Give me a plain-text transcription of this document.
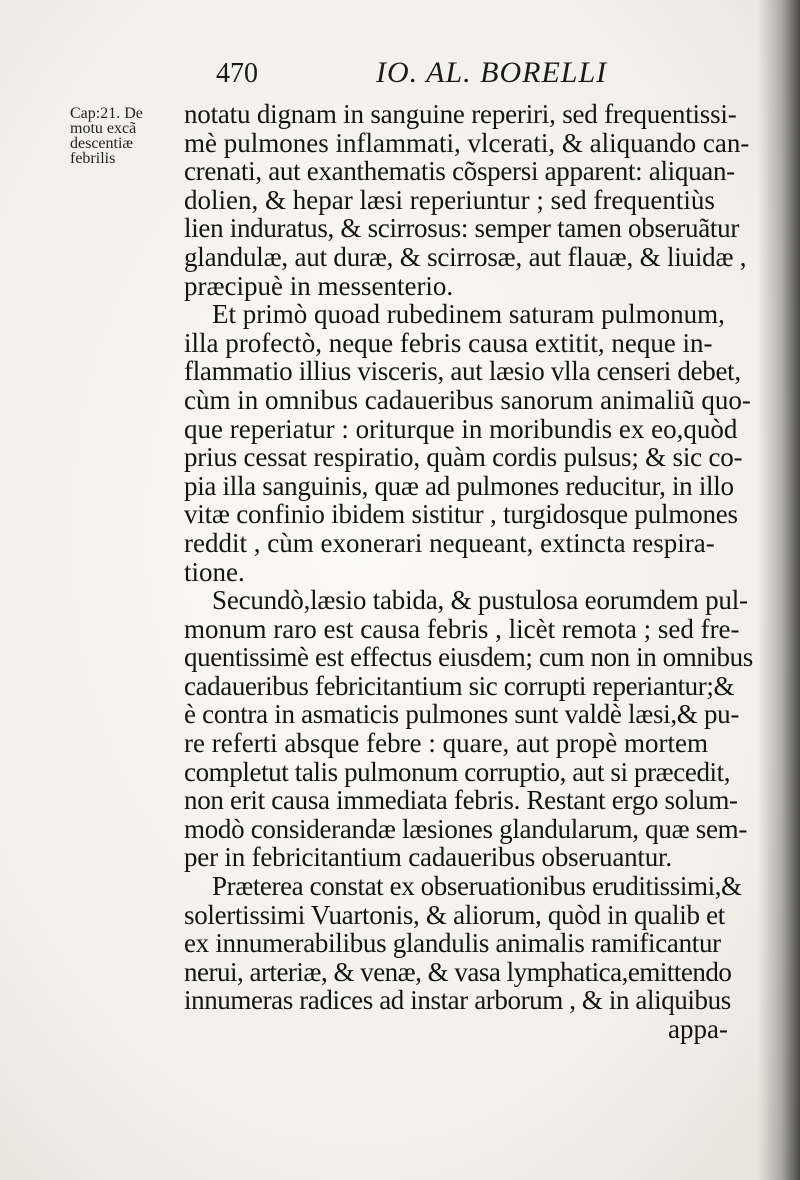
470	IO. AL. BORELLI
Cap:21. De
motu excã
descentiæ
febrilis
notatu dignam in sanguine reperiri, sed frequentissi-
mè pulmones inflammati, vlcerati, & aliquando can-
crenati, aut exanthematis cõspersi apparent: aliquan-
dolien, & hepar læsi reperiuntur ; sed frequentiùs
lien induratus, & scirrosus: semper tamen obseruãtur
glandulæ, aut duræ, & scirrosæ, aut flauæ, & liuidæ ,
præcipuè in messenterio.
Et primò quoad rubedinem saturam pulmonum,
illa profectò, neque febris causa extitit, neque in-
flammatio illius visceris, aut læsio vlla censeri debet,
cùm in omnibus cadaueribus sanorum animaliũ quo-
que reperiatur : oriturque in moribundis ex eo,quòd
prius cessat respiratio, quàm cordis pulsus; & sic co-
pia illa sanguinis, quæ ad pulmones reducitur, in illo
vitæ confinio ibidem sistitur , turgidosque pulmones
reddit , cùm exonerari nequeant, extincta respira-
tione.
Secundò,læsio tabida, & pustulosa eorumdem pul-
monum raro est causa febris , licèt remota ; sed fre-
quentissimè est effectus eiusdem; cum non in omnibus
cadaueribus febricitantium sic corrupti reperiantur;&
è contra in asmaticis pulmones sunt valdè læsi,& pu-
re referti absque febre : quare, aut propè mortem
completut talis pulmonum corruptio, aut si præcedit,
non erit causa immediata febris. Restant ergo solum-
modò considerandæ læsiones glandularum, quæ sem-
per in febricitantium cadaueribus obseruantur.
Præterea constat ex obseruationibus eruditissimi,&
solertissimi Vuartonis, & aliorum, quòd in qualib et
ex innumerabilibus glandulis animalis ramificantur
nerui, arteriæ, & venæ, & vasa lymphatica,emittendo
innumeras radices ad instar arborum , & in aliquibus
appa-
